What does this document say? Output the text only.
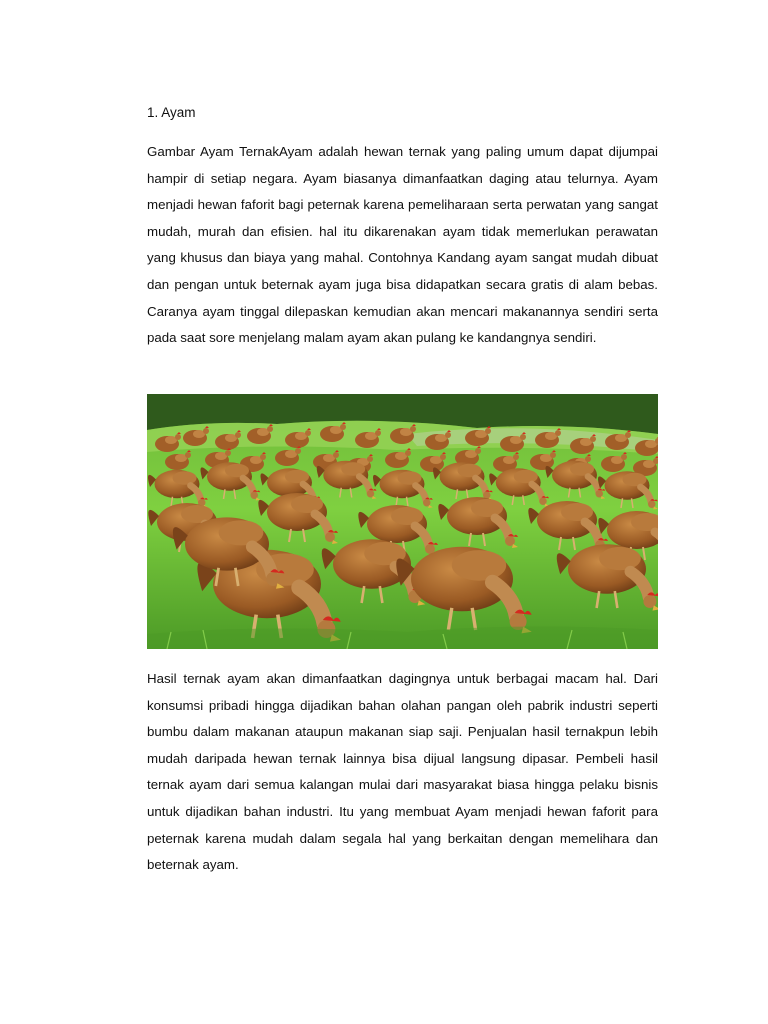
1. Ayam

Gambar Ayam TernakAyam adalah hewan ternak yang paling umum dapat dijumpai hampir di setiap negara. Ayam biasanya dimanfaatkan daging atau telurnya. Ayam menjadi hewan faforit bagi peternak karena pemeliharaan serta perwatan yang sangat mudah, murah dan efisien. hal itu dikarenakan ayam tidak memerlukan perawatan yang khusus dan biaya yang mahal. Contohnya Kandang ayam sangat mudah dibuat dan pengan untuk beternak ayam juga bisa didapatkan secara gratis di alam bebas. Caranya ayam tinggal dilepaskan kemudian akan mencari makanannya sendiri serta pada saat sore menjelang malam ayam akan pulang ke kandangnya sendiri.

Hasil ternak ayam akan dimanfaatkan dagingnya untuk berbagai macam hal. Dari konsumsi pribadi hingga dijadikan bahan olahan pangan oleh pabrik industri seperti bumbu dalam makanan ataupun makanan siap saji. Penjualan hasil ternakpun lebih mudah daripada hewan ternak lainnya bisa dijual langsung dipasar. Pembeli hasil ternak ayam dari semua kalangan mulai dari masyarakat biasa hingga pelaku bisnis untuk dijadikan bahan industri. Itu yang membuat Ayam menjadi hewan faforit para peternak karena mudah dalam segala hal yang berkaitan dengan memelihara dan beternak ayam.
